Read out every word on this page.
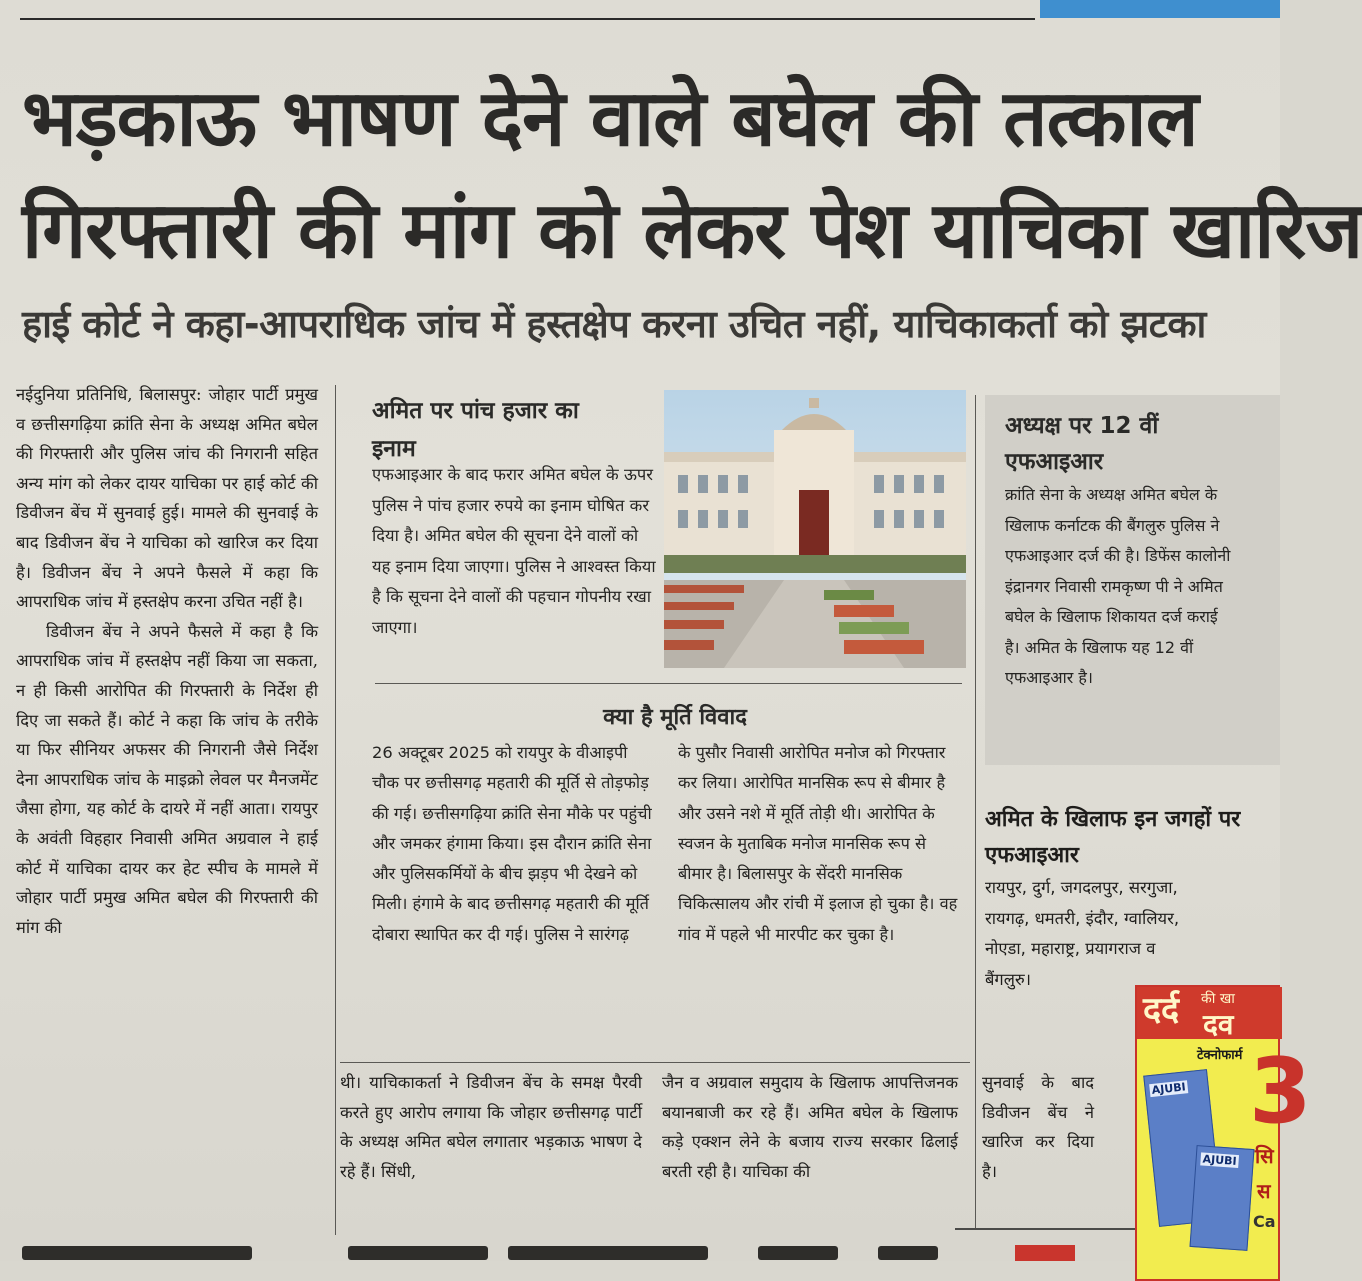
भड़काऊ भाषण देने वाले बघेल की तत्काल
गिरफ्तारी की मांग को लेकर पेश याचिका खारिज
हाई कोर्ट ने कहा-आपराधिक जांच में हस्तक्षेप करना उचित नहीं, याचिकाकर्ता को झटका

नईदुनिया प्रतिनिधि, बिलासपुर: जोहार पार्टी प्रमुख व छत्तीसगढ़िया क्रांति सेना के अध्यक्ष अमित बघेल की गिरफ्तारी और पुलिस जांच की निगरानी सहित अन्य मांग को लेकर दायर याचिका पर हाई कोर्ट की डिवीजन बेंच में सुनवाई हुई। मामले की सुनवाई के बाद डिवीजन बेंच ने याचिका को खारिज कर दिया है। डिवीजन बेंच ने अपने फैसले में कहा कि आपराधिक जांच में हस्तक्षेप करना उचित नहीं है।

डिवीजन बेंच ने अपने फैसले में कहा है कि आपराधिक जांच में हस्तक्षेप नहीं किया जा सकता, न ही किसी आरोपित की गिरफ्तारी के निर्देश ही दिए जा सकते हैं। कोर्ट ने कहा कि जांच के तरीके या फिर सीनियर अफसर की निगरानी जैसे निर्देश देना आपराधिक जांच के माइक्रो लेवल पर मैनजमेंट जैसा होगा, यह कोर्ट के दायरे में नहीं आता। रायपुर के अवंती विहहार निवासी अमित अग्रवाल ने हाई कोर्ट में याचिका दायर कर हेट स्पीच के मामले में जोहार पार्टी प्रमुख अमित बघेल की गिरफ्तारी की मांग की

अमित पर पांच हजार का इनाम

एफआइआर के बाद फरार अमित बघेल के ऊपर पुलिस ने पांच हजार रुपये का इनाम घोषित कर दिया है। अमित बघेल की सूचना देने वालों को यह इनाम दिया जाएगा। पुलिस ने आश्वस्त किया है कि सूचना देने वालों की पहचान गोपनीय रखा जाएगा।

अध्यक्ष पर 12 वीं एफआइआर

क्रांति सेना के अध्यक्ष अमित बघेल के खिलाफ कर्नाटक की बैंगलुरु पुलिस ने एफआइआर दर्ज की है। डिफेंस कालोनी इंद्रानगर निवासी रामकृष्ण पी ने अमित बघेल के खिलाफ शिकायत दर्ज कराई है। अमित के खिलाफ यह 12 वीं एफआइआर है।

क्या है मूर्ति विवाद

26 अक्टूबर 2025 को रायपुर के वीआइपी चौक पर छत्तीसगढ़ महतारी की मूर्ति से तोड़फोड़ की गई। छत्तीसगढ़िया क्रांति सेना मौके पर पहुंची और जमकर हंगामा किया। इस दौरान क्रांति सेना और पुलिसकर्मियों के बीच झड़प भी देखने को मिली। हंगामे के बाद छत्तीसगढ़ महतारी की मूर्ति दोबारा स्थापित कर दी गई। पुलिस ने सारंगढ़

के पुसौर निवासी आरोपित मनोज को गिरफ्तार कर लिया। आरोपित मानसिक रूप से बीमार है और उसने नशे में मूर्ति तोड़ी थी। आरोपित के स्वजन के मुताबिक मनोज मानसिक रूप से बीमार है। बिलासपुर के सेंदरी मानसिक चिकित्सालय और रांची में इलाज हो चुका है। वह गांव में पहले भी मारपीट कर चुका है।

थी। याचिकाकर्ता ने डिवीजन बेंच के समक्ष पैरवी करते हुए आरोप लगाया कि जोहार छत्तीसगढ़ पार्टी के अध्यक्ष अमित बघेल लगातार भड़काऊ भाषण दे रहे हैं। सिंधी,

जैन व अग्रवाल समुदाय के खिलाफ आपत्तिजनक बयानबाजी कर रहे हैं। अमित बघेल के खिलाफ कड़े एक्शन लेने के बजाय राज्य सरकार ढिलाई बरती रही है। याचिका की

सुनवाई के बाद डिवीजन बेंच ने खारिज कर दिया है।

अमित के खिलाफ इन जगहों पर एफआइआर

रायपुर, दुर्ग, जगदलपुर, सरगुजा, रायगढ़, धमतरी, इंदौर, ग्वालियर, नोएडा, महाराष्ट्र, प्रयागराज व बैंगलुरु।

दर्द की खा

दव

टेक्नोफार्म

AJUBI
AJUBI

3

सि

स

Ca
